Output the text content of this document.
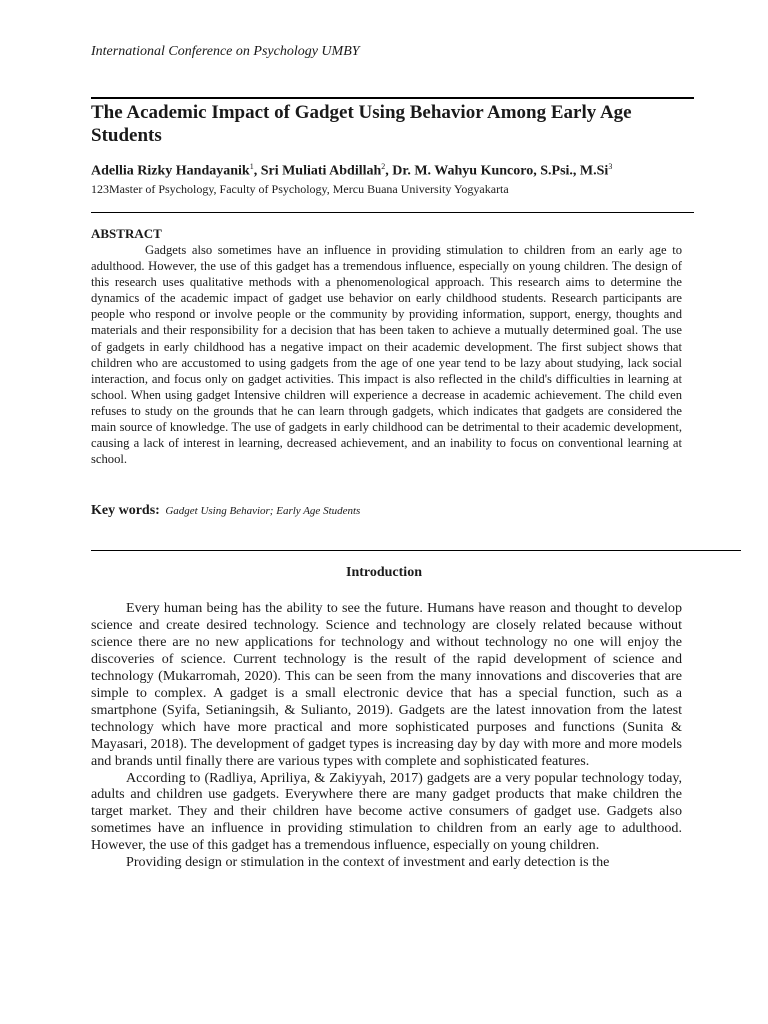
International Conference on Psychology UMBY
The Academic Impact of Gadget Using Behavior Among Early Age Students
Adellia Rizky Handayanik$^1$, Sri Muliati Abdillah$^2$, Dr. M. Wahyu Kuncoro, S.Psi., M.Si$^3$
123Master of Psychology, Faculty of Psychology, Mercu Buana University Yogyakarta
ABSTRACT

Gadgets also sometimes have an influence in providing stimulation to children from an early age to adulthood. However, the use of this gadget has a tremendous influence, especially on young children. The design of this research uses qualitative methods with a phenomenological approach. This research aims to determine the dynamics of the academic impact of gadget use behavior on early childhood students. Research participants are people who respond or involve people or the community by providing information, support, energy, thoughts and materials and their responsibility for a decision that has been taken to achieve a mutually determined goal. The use of gadgets in early childhood has a negative impact on their academic development. The first subject shows that children who are accustomed to using gadgets from the age of one year tend to be lazy about studying, lack social interaction, and focus only on gadget activities. This impact is also reflected in the child's difficulties in learning at school. When using gadget Intensive children will experience a decrease in academic achievement. The child even refuses to study on the grounds that he can learn through gadgets, which indicates that gadgets are considered the main source of knowledge. The use of gadgets in early childhood can be detrimental to their academic development, causing a lack of interest in learning, decreased achievement, and an inability to focus on conventional learning at school.

Key words: Gadget Using Behavior; Early Age Students
Introduction

Every human being has the ability to see the future. Humans have reason and thought to develop science and create desired technology. Science and technology are closely related because without science there are no new applications for technology and without technology no one will enjoy the discoveries of science. Current technology is the result of the rapid development of science and technology (Mukarromah, 2020). This can be seen from the many innovations and discoveries that are simple to complex. A gadget is a small electronic device that has a special function, such as a smartphone (Syifa, Setianingsih, & Sulianto, 2019). Gadgets are the latest innovation from the latest technology which have more practical and more sophisticated purposes and functions (Sunita & Mayasari, 2018). The development of gadget types is increasing day by day with more and more models and brands until finally there are various types with complete and sophisticated features.

According to (Radliya, Apriliya, & Zakiyyah, 2017) gadgets are a very popular technology today, adults and children use gadgets. Everywhere there are many gadget products that make children the target market. They and their children have become active consumers of gadget use. Gadgets also sometimes have an influence in providing stimulation to children from an early age to adulthood. However, the use of this gadget has a tremendous influence, especially on young children.

Providing design or stimulation in the context of investment and early detection is the
